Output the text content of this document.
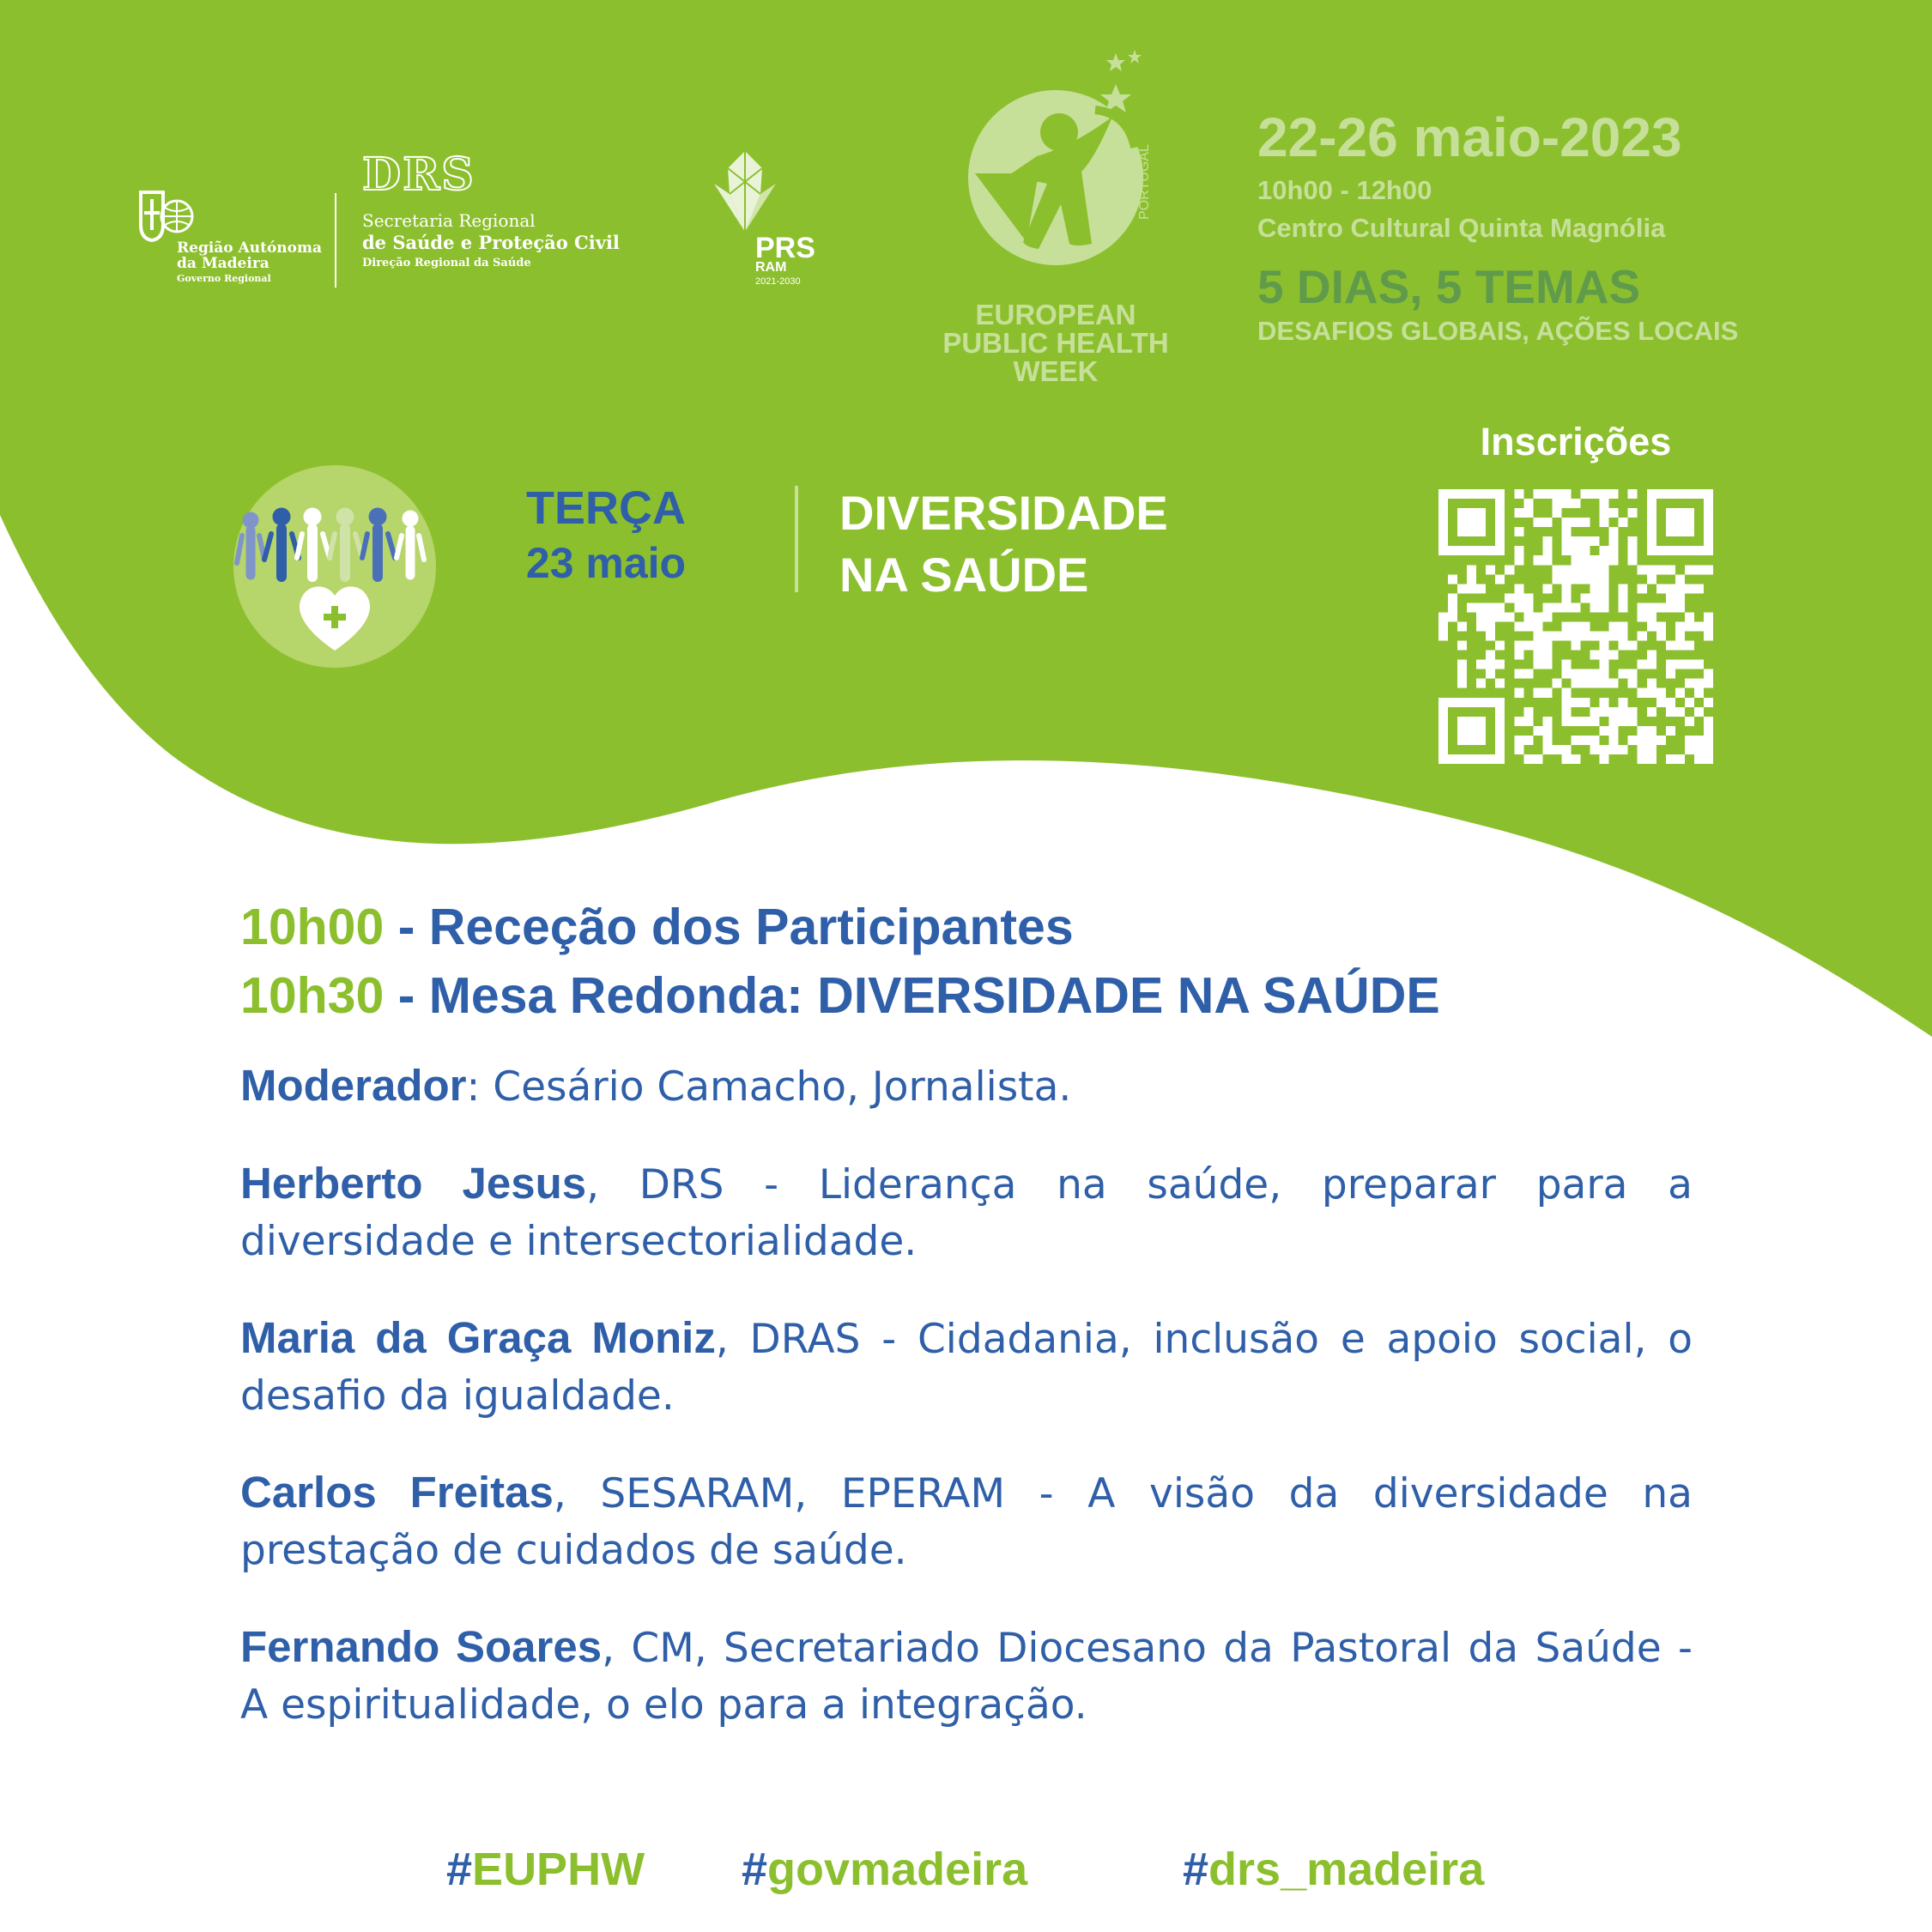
Região Autónoma
da Madeira
Governo Regional
DRS
Secretaria Regional
de Saúde e Proteção Civil
Direção Regional da Saúde	PRS
RAM
2021-2030
PORTUGAL
EUROPEAN
PUBLIC HEALTH
WEEK
22-26 maio-2023
10h00 - 12h00
Centro Cultural Quinta Magnólia
5 DIAS, 5 TEMAS
DESAFIOS GLOBAIS, AÇÕES LOCAIS
TERÇA
23 maio
DIVERSIDADE
NA SAÚDE
Inscrições
10h00 - Receção dos Participantes
10h30 - Mesa Redonda: DIVERSIDADE NA SAÚDE

Moderador: Cesário Camacho, Jornalista.

Herberto Jesus, DRS - Liderança na saúde, preparar para a diversidade e intersectorialidade.

Maria da Graça Moniz, DRAS - Cidadania, inclusão e apoio social, o desafio da igualdade.

Carlos Freitas, SESARAM, EPERAM - A visão da diversidade na prestação de cuidados de saúde.

Fernando Soares, CM, Secretariado Diocesano da Pastoral da Saúde - A espiritualidade, o elo para a integração.

#EUPHW #govmadeira	#drs_madeira
